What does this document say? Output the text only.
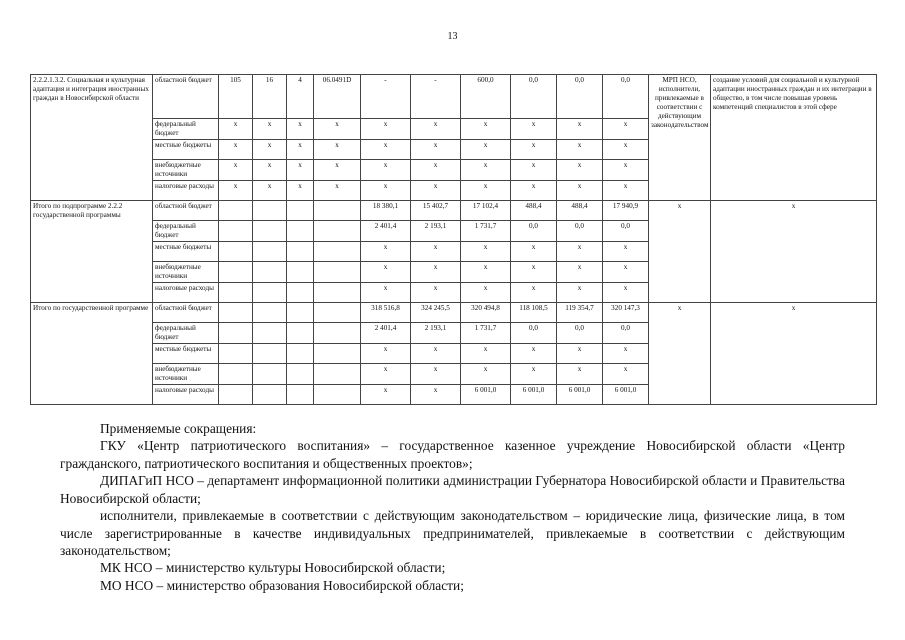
13
2.2.2.1.3.2. Социальная и культурная адаптация и интеграция иностранных граждан в Новосибирской области	областной бюджет	105	16	4	06.0491D	-	-	600,0	0,0	0,0	0,0	МРП НСО, исполнители, привлекаемые в соответствии с действующим законодательством	создание условий для социальной и культурной адаптации иностранных граждан и их интеграции в общество, в том числе повышая уровень компетенций специалистов в этой сфере
	федеральный бюджет	x	x	x	x	x	x	x	x	x	x		
	местные бюджеты	x	x	x	x	x	x	x	x	x	x		
	внебюджетные источники	x	x	x	x	x	x	x	x	x	x		
	налоговые расходы	x	x	x	x	x	x	x	x	x	x		
Итого по подпрограмме 2.2.2 государственной программы	областной бюджет					18 380,1	15 402,7	17 102,4	488,4	488,4	17 940,9	x	x
	федеральный бюджет					2 401,4	2 193,1	1 731,7	0,0	0,0	0,0		
	местные бюджеты					x	x	x	x	x	x		
	внебюджетные источники					x	x	x	x	x	x		
	налоговые расходы					x	x	x	x	x	x		
Итого по государственной программе	областной бюджет					318 516,8	324 245,5	320 494,8	118 108,5	119 354,7	320 147,3	x	x
	федеральный бюджет					2 401,4	2 193,1	1 731,7	0,0	0,0	0,0		
	местные бюджеты					x	x	x	x	x	x		
	внебюджетные источники					x	x	x	x	x	x		
	налоговые расходы					x	x	6 001,0	6 001,0	6 001,0	6 001,0		

Применяемые сокращения:

ГКУ «Центр патриотического воспитания» – государственное казенное учреждение Новосибирской области «Центр гражданского, патриотического воспитания и общественных проектов»;

ДИПАГиП НСО – департамент информационной политики администрации Губернатора Новосибирской области и Правительства Новосибирской области;

исполнители, привлекаемые в соответствии с действующим законодательством – юридические лица, физические лица, в том числе зарегистрированные в качестве индивидуальных предпринимателей, привлекаемые в соответствии с действующим законодательством;

МК НСО – министерство культуры Новосибирской области;

МО НСО – министерство образования Новосибирской области;
